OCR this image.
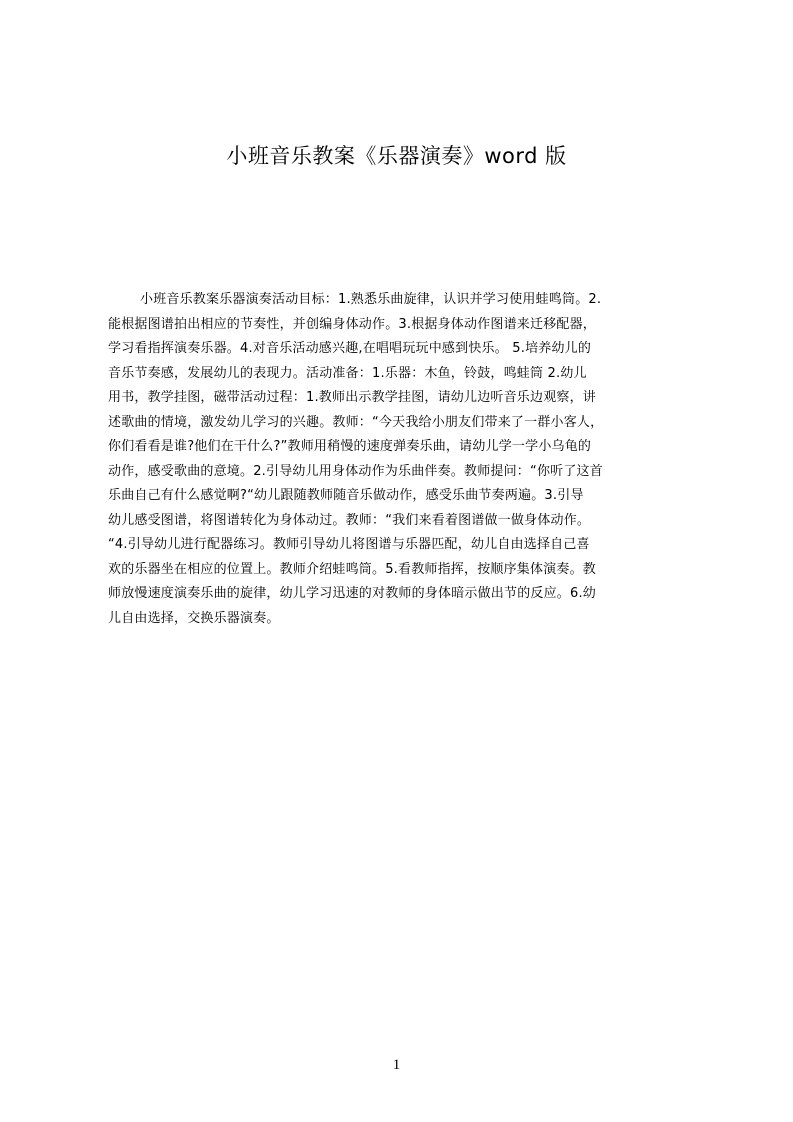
小班音乐教案《乐器演奏》word 版
小班音乐教案乐器演奏活动目标：1.熟悉乐曲旋律，认识并学习使用蛙鸣筒。2.
能根据图谱拍出相应的节奏性，并创编身体动作。3.根据身体动作图谱来迁移配器，
学习看指挥演奏乐器。4.对音乐活动感兴趣,在唱唱玩玩中感到快乐。 5.培养幼儿的
音乐节奏感，发展幼儿的表现力。活动准备：1.乐器：木鱼，铃鼓，鸣蛙筒 2.幼儿
用书，教学挂图，磁带活动过程：1.教师出示教学挂图，请幼儿边听音乐边观察，讲
述歌曲的情境，激发幼儿学习的兴趣。教师：“今天我给小朋友们带来了一群小客人，
你们看看是谁?他们在干什么?”教师用稍慢的速度弹奏乐曲，请幼儿学一学小乌龟的
动作，感受歌曲的意境。2.引导幼儿用身体动作为乐曲伴奏。教师提问：“你听了这首
乐曲自己有什么感觉啊?“幼儿跟随教师随音乐做动作，感受乐曲节奏两遍。3.引导
幼儿感受图谱，将图谱转化为身体动过。教师：“我们来看着图谱做一做身体动作。
“4.引导幼儿进行配器练习。教师引导幼儿将图谱与乐器匹配，幼儿自由选择自己喜
欢的乐器坐在相应的位置上。教师介绍蛙鸣筒。5.看教师指挥，按顺序集体演奏。教
师放慢速度演奏乐曲的旋律，幼儿学习迅速的对教师的身体暗示做出节的反应。6.幼
儿自由选择，交换乐器演奏。
1
